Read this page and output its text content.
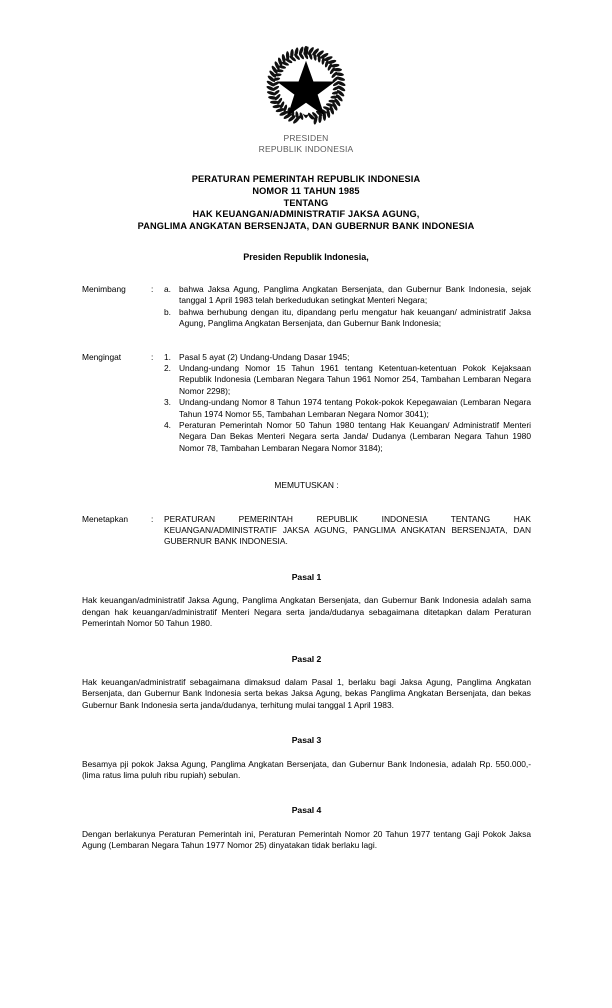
PRESIDEN
REPUBLIK INDONESIA
PERATURAN PEMERINTAH REPUBLIK INDONESIA
NOMOR 11 TAHUN 1985
TENTANG
HAK KEUANGAN/ADMINISTRATIF JAKSA AGUNG,
PANGLIMA ANGKATAN BERSENJATA, DAN GUBERNUR BANK INDONESIA
Presiden Republik Indonesia,
Menimbang	:	a. bahwa Jaksa Agung, Panglima Angkatan Bersenjata, dan Gubernur Bank Indonesia, sejak tanggal 1 April 1983 telah berkedudukan setingkat Menteri Negara;
b. bahwa berhubung dengan itu, dipandang perlu mengatur hak keuangan/ administratif Jaksa Agung, Panglima Angkatan Bersenjata, dan Gubernur Bank Indonesia;
Mengingat	:	1. Pasal 5 ayat (2) Undang-Undang Dasar 1945;
2. Undang-undang Nomor 15 Tahun 1961 tentang Ketentuan-ketentuan Pokok Kejaksaan Republik Indonesia (Lembaran Negara Tahun 1961 Nomor 254, Tambahan Lembaran Negara Nomor 2298);
3. Undang-undang Nomor 8 Tahun 1974 tentang Pokok-pokok Kepegawaian (Lembaran Negara Tahun 1974 Nomor 55, Tambahan Lembaran Negara Nomor 3041);
4. Peraturan Pemerintah Nomor 50 Tahun 1980 tentang Hak Keuangan/ Administratif Menteri Negara Dan Bekas Menteri Negara serta Janda/ Dudanya (Lembaran Negara Tahun 1980 Nomor 78, Tambahan Lembaran Negara Nomor 3184);
MEMUTUSKAN :
Menetapkan	:	PERATURAN PEMERINTAH REPUBLIK INDONESIA TENTANG HAK KEUANGAN/ADMINISTRATIF JAKSA AGUNG, PANGLIMA ANGKATAN BERSENJATA, DAN GUBERNUR BANK INDONESIA.
Pasal 1
Hak keuangan/administratif Jaksa Agung, Panglima Angkatan Bersenjata, dan Gubernur Bank Indonesia adalah sama dengan hak keuangan/administratif Menteri Negara serta janda/dudanya sebagaimana ditetapkan dalam Peraturan Pemerintah Nomor 50 Tahun 1980.
Pasal 2
Hak keuangan/administratif sebagaimana dimaksud dalam Pasal 1, berlaku bagi Jaksa Agung, Panglima Angkatan Bersenjata, dan Gubernur Bank Indonesia serta bekas Jaksa Agung, bekas Panglima Angkatan Bersenjata, dan bekas Gubernur Bank Indonesia serta janda/dudanya, terhitung mulai tanggal 1 April 1983.
Pasal 3
Besamya pji pokok Jaksa Agung, Panglima Angkatan Bersenjata, dan Gubernur Bank Indonesia, adalah Rp. 550.000,- (lima ratus lima puluh ribu rupiah) sebulan.
Pasal 4
Dengan berlakunya Peraturan Pemerintah ini, Peraturan Pemerintah Nomor 20 Tahun 1977 tentang Gaji Pokok Jaksa Agung (Lembaran Negara Tahun 1977 Nomor 25) dinyatakan tidak berlaku lagi.
